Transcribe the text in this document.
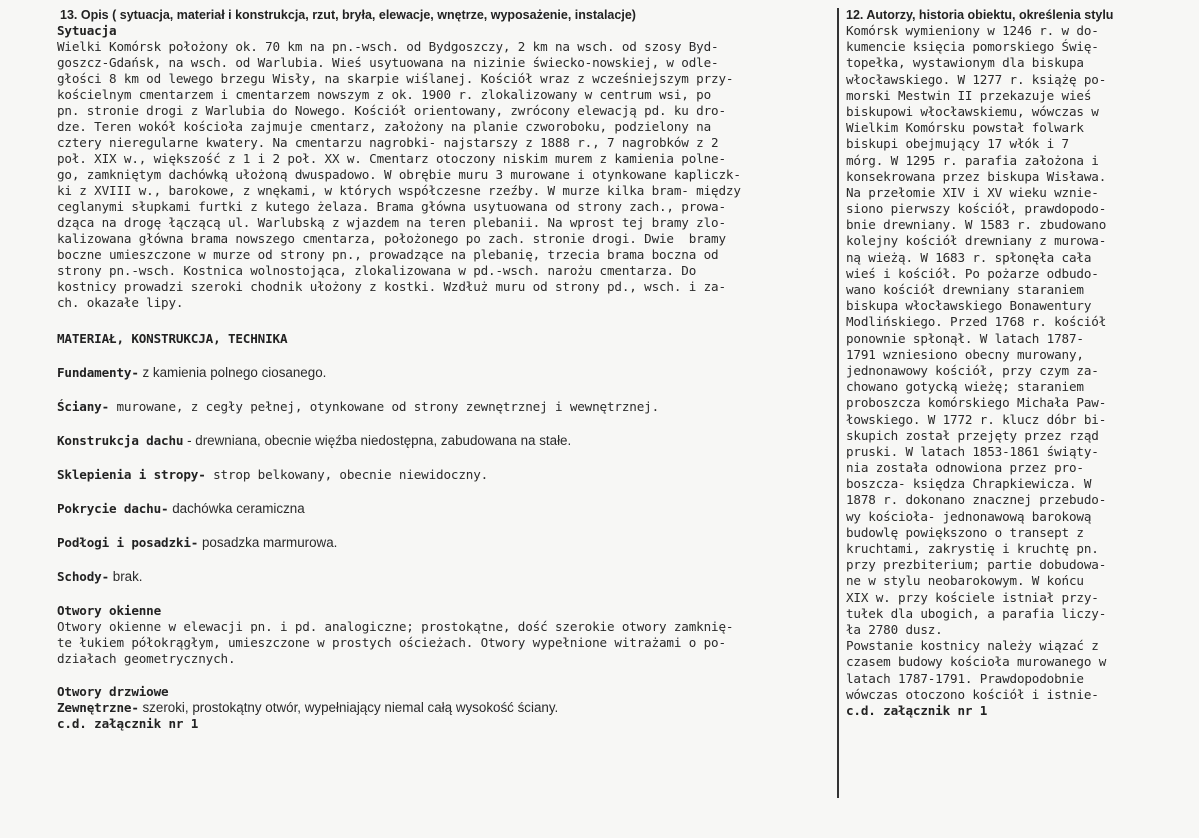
13. Opis ( sytuacja, materiał i konstrukcja, rzut, bryła, elewacje, wnętrze, wyposażenie, instalacje)
Sytuacja
Wielki Komórsk położony ok. 70 km na pn.-wsch. od Bydgoszczy, 2 km na wsch. od szosy Byd-
goszcz-Gdańsk, na wsch. od Warlubia. Wieś usytuowana na nizinie świecko-nowskiej, w odle-
głości 8 km od lewego brzegu Wisły, na skarpie wiślanej. Kościół wraz z wcześniejszym przy-
kościelnym cmentarzem i cmentarzem nowszym z ok. 1900 r. zlokalizowany w centrum wsi, po
pn. stronie drogi z Warlubia do Nowego. Kościół orientowany, zwrócony elewacją pd. ku dro-
dze. Teren wokół kościoła zajmuje cmentarz, założony na planie czworoboku, podzielony na
cztery nieregularne kwatery. Na cmentarzu nagrobki- najstarszy z 1888 r., 7 nagrobków z 2
poł. XIX w., większość z 1 i 2 poł. XX w. Cmentarz otoczony niskim murem z kamienia polne-
go, zamkniętym dachówką ułożoną dwuspadowo. W obrębie muru 3 murowane i otynkowane kapliczk-
ki z XVIII w., barokowe, z wnękami, w których współczesne rzeźby. W murze kilka bram- między
ceglanymi słupkami furtki z kutego żelaza. Brama główna usytuowana od strony zach., prowa-
dząca na drogę łączącą ul. Warlubską z wjazdem na teren plebanii. Na wprost tej bramy zlo-
kalizowana główna brama nowszego cmentarza, położonego po zach. stronie drogi. Dwie  bramy
boczne umieszczone w murze od strony pn., prowadzące na plebanię, trzecia brama boczna od
strony pn.-wsch. Kostnica wolnostojąca, zlokalizowana w pd.-wsch. narożu cmentarza. Do
kostnicy prowadzi szeroki chodnik ułożony z kostki. Wzdłuż muru od strony pd., wsch. i za-
ch. okazałe lipy.
MATERIAŁ, KONSTRUKCJA, TECHNIKA
Fundamenty- z kamienia polnego ciosanego.
Ściany- murowane, z cegły pełnej, otynkowane od strony zewnętrznej i wewnętrznej.
Konstrukcja dachu - drewniana, obecnie więźba niedostępna, zabudowana na stałe.
Sklepienia i stropy- strop belkowany, obecnie niewidoczny.
Pokrycie dachu- dachówka ceramiczna
Podłogi i posadzki- posadzka marmurowa.
Schody- brak.
Otwory okienne
Otwory okienne w elewacji pn. i pd. analogiczne; prostokątne, dość szerokie otwory zamknię-
te łukiem półokrągłym, umieszczone w prostych ościeżach. Otwory wypełnione witrażami o po-
działach geometrycznych.
Otwory drzwiowe
Zewnętrzne- szeroki, prostokątny otwór, wypełniający niemal całą wysokość ściany.
c.d. załącznik nr 1
12. Autorzy, historia obiektu, określenia stylu
Komórsk wymieniony w 1246 r. w do-
kumencie księcia pomorskiego Świę-
topełka, wystawionym dla biskupa
włocławskiego. W 1277 r. książę po-
morski Mestwin II przekazuje wieś
biskupowi włocławskiemu, wówczas w
Wielkim Komórsku powstał folwark
biskupi obejmujący 17 włók i 7
mórg. W 1295 r. parafia założona i
konsekrowana przez biskupa Wisława.
Na przełomie XIV i XV wieku wznie-
siono pierwszy kościół, prawdopodo-
bnie drewniany. W 1583 r. zbudowano
kolejny kościół drewniany z murowa-
ną wieżą. W 1683 r. spłonęła cała
wieś i kościół. Po pożarze odbudo-
wano kościół drewniany staraniem
biskupa włocławskiego Bonawentury
Modlińskiego. Przed 1768 r. kościół
ponownie spłonął. W latach 1787-
1791 wzniesiono obecny murowany,
jednonawowy kościół, przy czym za-
chowano gotycką wieżę; staraniem
proboszcza komórskiego Michała Paw-
łowskiego. W 1772 r. klucz dóbr bi-
skupich został przejęty przez rząd
pruski. W latach 1853-1861 świąty-
nia została odnowiona przez pro-
boszcza- księdza Chrapkiewicza. W
1878 r. dokonano znacznej przebudo-
wy kościoła- jednonawową barokową
budowlę powiększono o transept z
kruchtami, zakrystię i kruchtę pn.
przy prezbiterium; partie dobudowa-
ne w stylu neobarokowym. W końcu
XIX w. przy kościele istniał przy-
tułek dla ubogich, a parafia liczy-
ła 2780 dusz.
Powstanie kostnicy należy wiązać z
czasem budowy kościoła murowanego w
latach 1787-1791. Prawdopodobnie
wówczas otoczono kościół i istnie-
c.d. załącznik nr 1
